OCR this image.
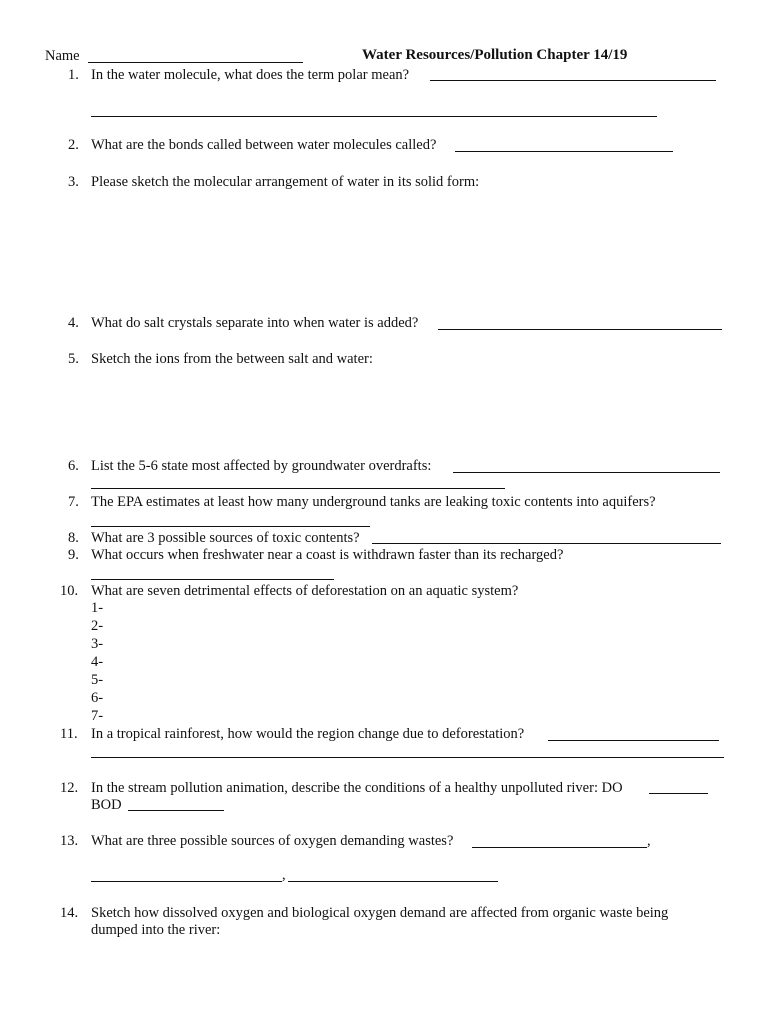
Name	Water Resources/Pollution Chapter 14/19
1. In the water molecule, what does the term polar mean?
2. What are the bonds called between water molecules called?
3. Please sketch the molecular arrangement of water in its solid form:
4. What do salt crystals separate into when water is added?
5. Sketch the ions from the between salt and water:
6. List the 5-6 state most affected by groundwater overdrafts:
7. The EPA estimates at least how many underground tanks are leaking toxic contents into aquifers?
8. What are 3 possible sources of toxic contents?
9. What occurs when freshwater near a coast is withdrawn faster than its recharged?
10. What are seven detrimental effects of deforestation on an aquatic system?
1-
2-
3-
4-
5-
6-
7-
11. In a tropical rainforest, how would the region change due to deforestation?
12. In the stream pollution animation, describe the conditions of a healthy unpolluted river: DO
BOD
13. What are three possible sources of oxygen demanding wastes?	,
,
14. Sketch how dissolved oxygen and biological oxygen demand are affected from organic waste being
dumped into the river:
